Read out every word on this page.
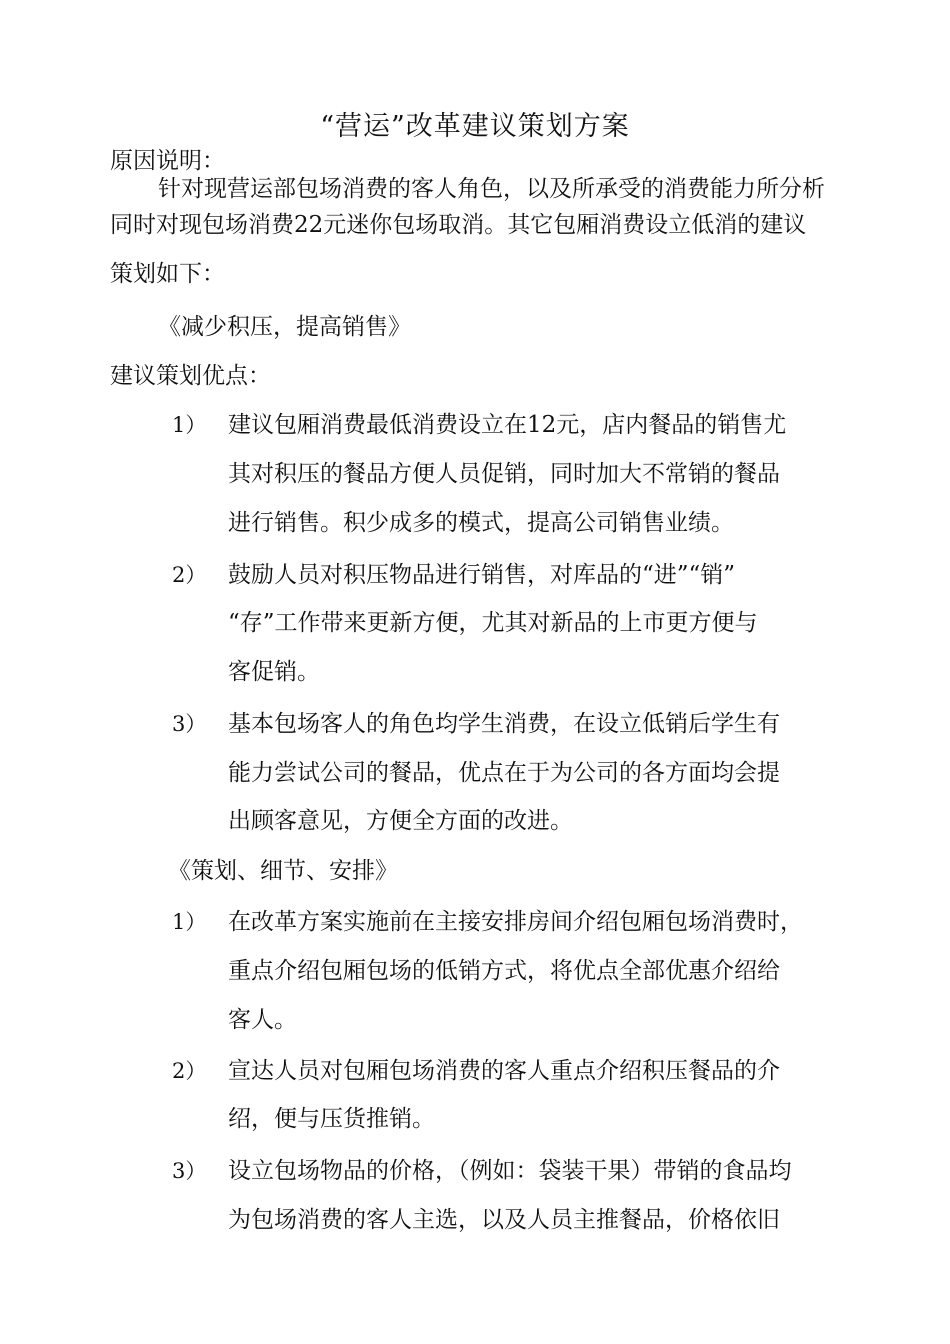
“营运”改革建议策划方案
原因说明：
针对现营运部包场消费的客人角色，以及所承受的消费能力所分析
同时对现包场消费22元迷你包场取消。其它包厢消费设立低消的建议
策划如下：
《减少积压，提高销售》
建议策划优点：
1） 建议包厢消费最低消费设立在12元，店内餐品的销售尤
其对积压的餐品方便人员促销，同时加大不常销的餐品
进行销售。积少成多的模式，提高公司销售业绩。
2） 鼓励人员对积压物品进行销售，对库品的“进”“销”
“存”工作带来更新方便，尤其对新品的上市更方便与
客促销。
3） 基本包场客人的角色均学生消费，在设立低销后学生有
能力尝试公司的餐品，优点在于为公司的各方面均会提
出顾客意见，方便全方面的改进。
《策划、细节、安排》
1） 在改革方案实施前在主接安排房间介绍包厢包场消费时，
重点介绍包厢包场的低销方式，将优点全部优惠介绍给
客人。
2） 宣达人员对包厢包场消费的客人重点介绍积压餐品的介
绍，便与压货推销。
3） 设立包场物品的价格，（例如：袋装干果）带销的食品均
为包场消费的客人主选，以及人员主推餐品，价格依旧
